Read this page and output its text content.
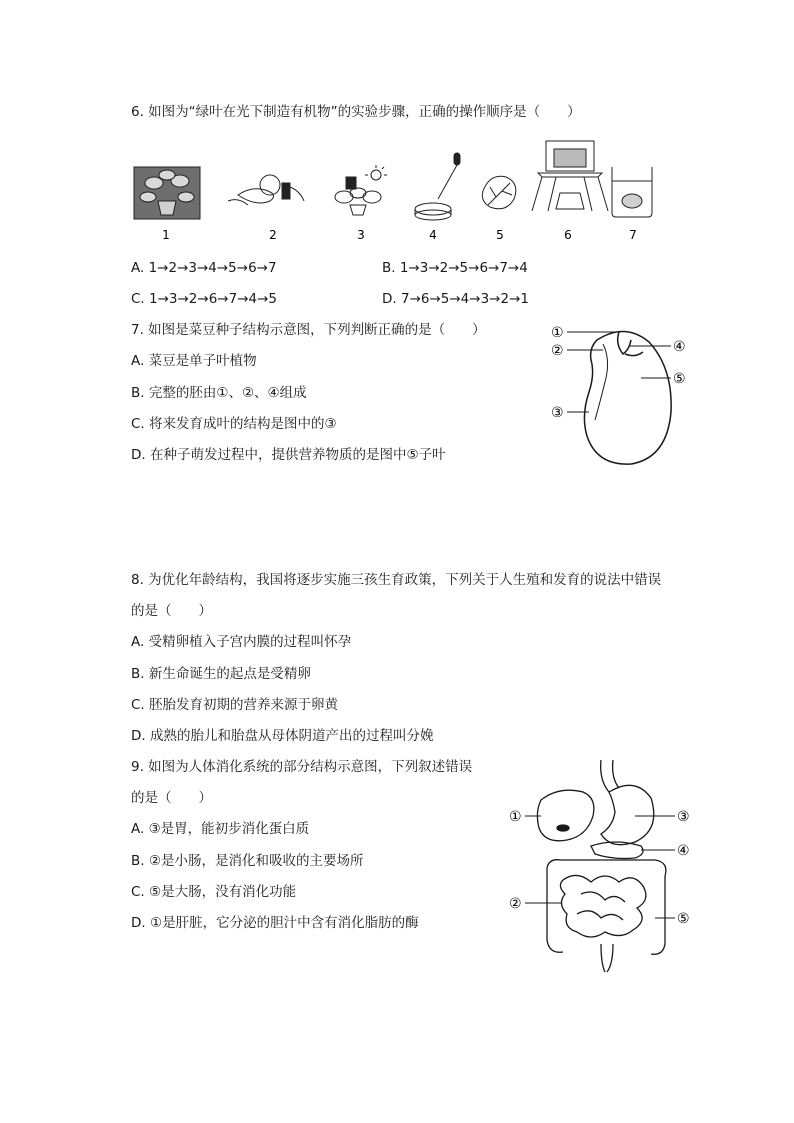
6. 如图为“绿叶在光下制造有机物”的实验步骤，正确的操作顺序是（　　）
1	2	3	4	5	6	7
A. 1→2→3→4→5→6→7	B. 1→3→2→5→6→7→4
C. 1→3→2→6→7→4→5	D. 7→6→5→4→3→2→1
7. 如图是菜豆种子结构示意图，下列判断正确的是（　　）
A. 菜豆是单子叶植物
B. 完整的胚由①、②、④组成
C. 将来发育成叶的结构是图中的③
D. 在种子萌发过程中，提供营养物质的是图中⑤子叶
①
②
③
④
⑤
8. 为优化年龄结构，我国将逐步实施三孩生育政策，下列关于人生殖和发育的说法中错误
的是（　　）
A. 受精卵植入子宫内膜的过程叫怀孕
B. 新生命诞生的起点是受精卵
C. 胚胎发育初期的营养来源于卵黄
D. 成熟的胎儿和胎盘从母体阴道产出的过程叫分娩
9. 如图为人体消化系统的部分结构示意图，下列叙述错误
的是（　　）
A. ③是胃，能初步消化蛋白质
B. ②是小肠，是消化和吸收的主要场所
C. ⑤是大肠，没有消化功能
D. ①是肝脏，它分泌的胆汁中含有消化脂肪的酶
①
②
③
④
⑤
